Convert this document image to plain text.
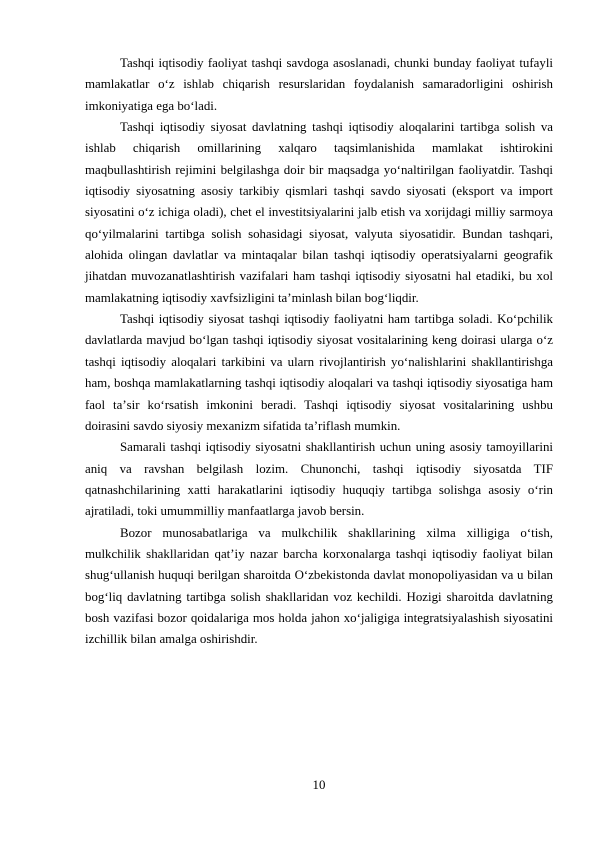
Tashqi iqtisodiy faoliyat tashqi savdoga asoslanadi, chunki bunday faoliyat tufayli mamlakatlar o‘z ishlab chiqarish resurslaridan foydalanish samaradorligini oshirish imkoniyatiga ega bo‘ladi.

Tashqi iqtisodiy siyosat davlatning tashqi iqtisodiy aloqalarini tartibga solish va ishlab chiqarish omillarining xalqaro taqsimlanishida mamlakat ishtirokini maqbullashtirish rejimini belgilashga doir bir maqsadga yo‘naltirilgan faoliyatdir. Tashqi iqtisodiy siyosatning asosiy tarkibiy qismlari tashqi savdo siyosati (eksport va import siyosatini o‘z ichiga oladi), chet el investitsiyalarini jalb etish va xorijdagi milliy sarmoya qo‘yilmalarini tartibga solish sohasidagi siyosat, valyuta siyosatidir. Bundan tashqari, alohida olingan davlatlar va mintaqalar bilan tashqi iqtisodiy operatsiyalarni geografik jihatdan muvozanatlashtirish vazifalari ham tashqi iqtisodiy siyosatni hal etadiki, bu xol mamlakatning iqtisodiy xavfsizligini taʼminlash bilan bog‘liqdir.

Tashqi iqtisodiy siyosat tashqi iqtisodiy faoliyatni ham tartibga soladi. Ko‘pchilik davlatlarda mavjud bo‘lgan tashqi iqtisodiy siyosat vositalarining keng doirasi ularga o‘z tashqi iqtisodiy aloqalari tarkibini va ularn rivojlantirish yo‘nalishlarini shakllantirishga ham, boshqa mamlakatlarning tashqi iqtisodiy aloqalari va tashqi iqtisodiy siyosatiga ham faol taʼsir ko‘rsatish imkonini beradi. Tashqi iqtisodiy siyosat vositalarining ushbu doirasini savdo siyosiy mexanizm sifatida taʼriflash mumkin.

Samarali tashqi iqtisodiy siyosatni shakllantirish uchun uning asosiy tamoyillarini aniq va ravshan belgilash lozim. Chunonchi, tashqi iqtisodiy siyosatda TIF qatnashchilarining xatti harakatlarini iqtisodiy huquqiy tartibga solishga asosiy o‘rin ajratiladi, toki umummilliy manfaatlarga javob bersin.

Bozor munosabatlariga va mulkchilik shakllarining xilma xilligiga o‘tish, mulkchilik shakllaridan qatʼiy nazar barcha korxonalarga tashqi iqtisodiy faoliyat bilan shug‘ullanish huquqi berilgan sharoitda O‘zbekistonda davlat monopoliyasidan va u bilan bog‘liq davlatning tartibga solish shakllaridan voz kechildi. Hozigi sharoitda davlatning bosh vazifasi bozor qoidalariga mos holda jahon xo‘jaligiga integratsiyalashish siyosatini izchillik bilan amalga oshirishdir.

10
